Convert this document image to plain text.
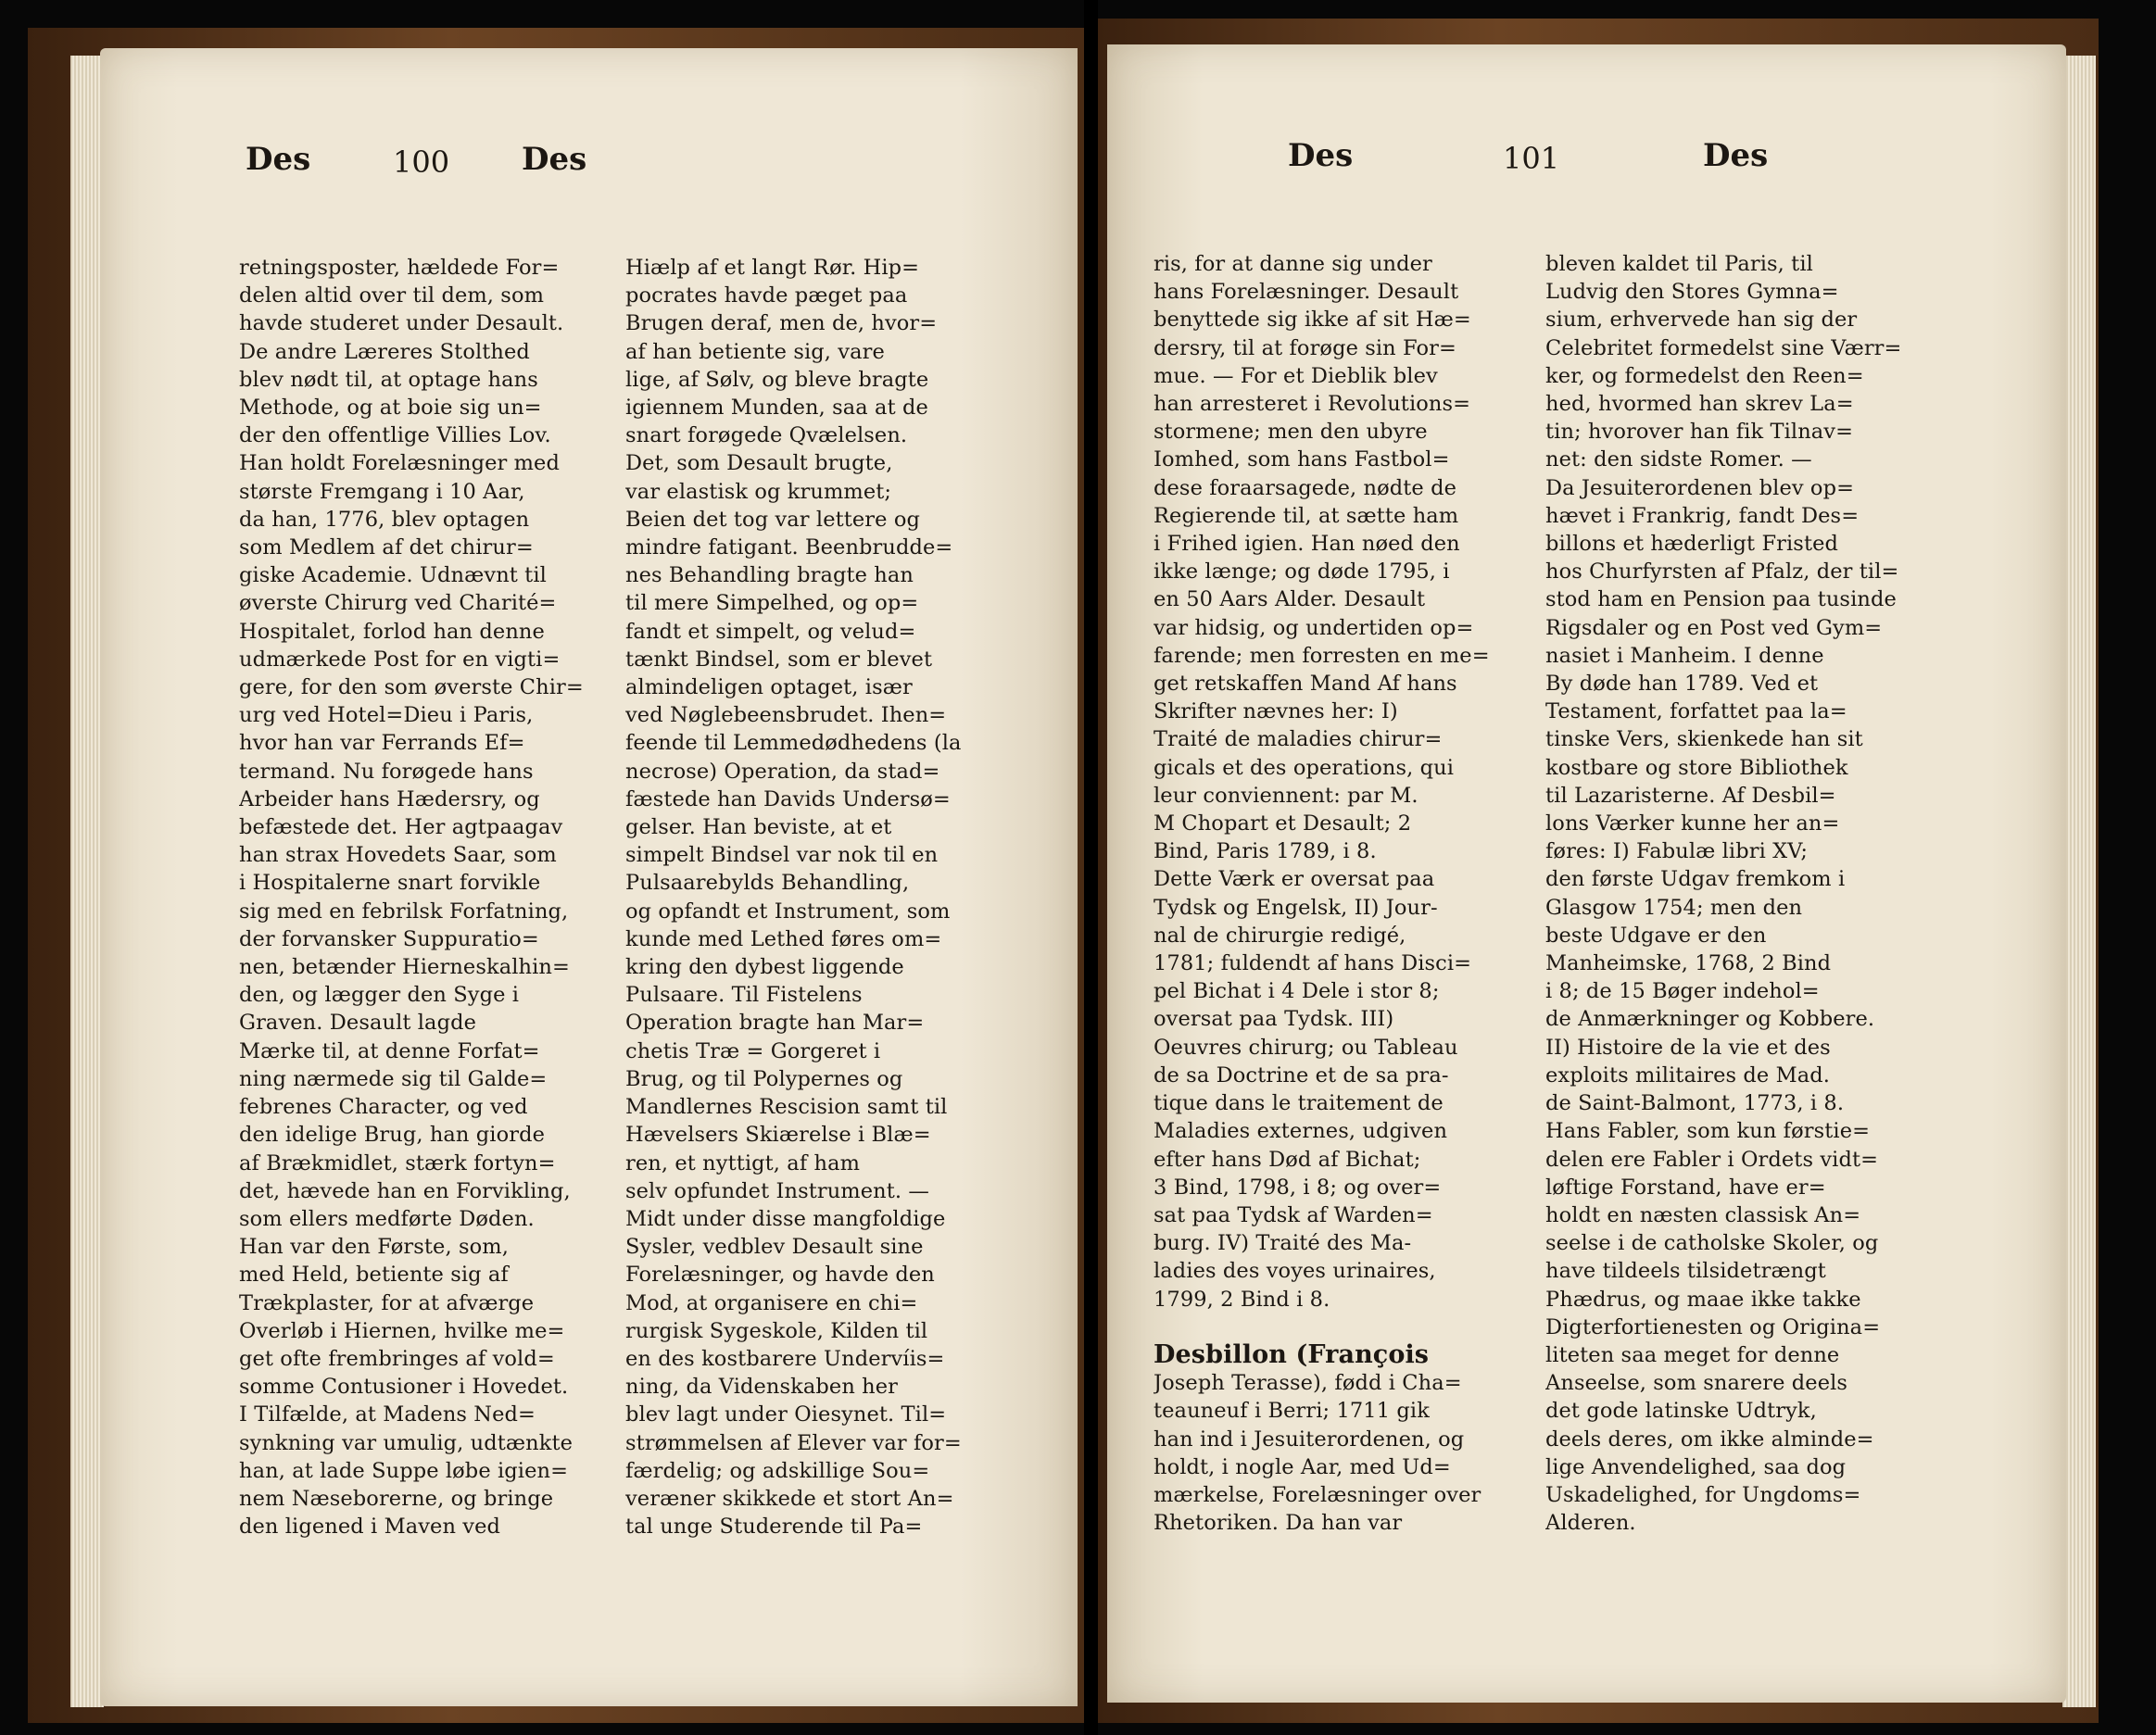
Des	100 Des
retningsposter, hældede For=
delen altid over til dem, som
havde studeret under Desault.
De andre Læreres Stolthed
blev nødt til, at optage hans
Methode, og at boie sig un=
der den offentlige Villies Lov.
Han holdt Forelæsninger med
største Fremgang i 10 Aar,
da han, 1776, blev optagen
som Medlem af det chirur=
giske Academie. Udnævnt til
øverste Chirurg ved Charité=
Hospitalet, forlod han denne
udmærkede Post for en vigti=
gere, for den som øverste Chir=
urg ved Hotel=Dieu i Paris,
hvor han var Ferrands Ef=
termand. Nu forøgede hans
Arbeider hans Hædersry, og
befæstede det. Her agtpaagav
han strax Hovedets Saar, som
i Hospitalerne snart forvikle
sig med en febrilsk Forfatning,
der forvansker Suppuratio=
nen, betænder Hierneskalhin=
den, og lægger den Syge i
Graven. Desault lagde
Mærke til, at denne Forfat=
ning nærmede sig til Galde=
febrenes Character, og ved
den idelige Brug, han giorde
af Brækmidlet, stærk fortyn=
det, hævede han en Forvikling,
som ellers medførte Døden.
Han var den Første, som,
med Held, betiente sig af
Trækplaster, for at afværge
Overløb i Hiernen, hvilke me=
get ofte frembringes af vold=
somme Contusioner i Hovedet.
I Tilfælde, at Madens Ned=
synkning var umulig, udtænkte
han, at lade Suppe løbe igien=
nem Næseborerne, og bringe
den ligened i Maven ved
Hiælp af et langt Rør. Hip=
pocrates havde pæget paa
Brugen deraf, men de, hvor=
af han betiente sig, vare
lige, af Sølv, og bleve bragte
igiennem Munden, saa at de
snart forøgede Qvælelsen.
Det, som Desault brugte,
var elastisk og krummet;
Beien det tog var lettere og
mindre fatigant. Beenbrudde=
nes Behandling bragte han
til mere Simpelhed, og op=
fandt et simpelt, og velud=
tænkt Bindsel, som er blevet
almindeligen optaget, især
ved Nøglebeensbrudet. Ihen=
feende til Lemmedødhedens (la
necrose) Operation, da stad=
fæstede han Davids Undersø=
gelser. Han beviste, at et
simpelt Bindsel var nok til en
Pulsaarebylds Behandling,
og opfandt et Instrument, som
kunde med Lethed føres om=
kring den dybest liggende
Pulsaare. Til Fistelens
Operation bragte han Mar=
chetis Træ = Gorgeret i
Brug, og til Polypernes og
Mandlernes Rescision samt til
Hævelsers Skiærelse i Blæ=
ren, et nyttigt, af ham
selv opfundet Instrument. —
Midt under disse mangfoldige
Sysler, vedblev Desault sine
Forelæsninger, og havde den
Mod, at organisere en chi=
rurgisk Sygeskole, Kilden til
en des kostbarere Undervíis=
ning, da Videnskaben her
blev lagt under Oiesynet. Til=
strømmelsen af Elever var for=
færdelig; og adskillige Sou=
veræner skikkede et stort An=
tal unge Studerende til Pa=
Des	101	Des
ris, for at danne sig under
hans Forelæsninger. Desault
benyttede sig ikke af sit Hæ=
dersry, til at forøge sin For=
mue. — For et Dieblik blev
han arresteret i Revolutions=
stormene; men den ubyre
Iomhed, som hans Fastbol=
dese foraarsagede, nødte de
Regierende til, at sætte ham
i Frihed igien. Han nøed den
ikke længe; og døde 1795, i
en 50 Aars Alder. Desault
var hidsig, og undertiden op=
farende; men forresten en me=
get retskaffen Mand Af hans
Skrifter nævnes her: I)
Traité de maladies chirur=
gicals et des operations, qui
leur conviennent: par M.
M Chopart et Desault; 2
Bind, Paris 1789, i 8.
Dette Værk er oversat paa
Tydsk og Engelsk, II) Jour-
nal de chirurgie redigé,
1781; fuldendt af hans Disci=
pel Bichat i 4 Dele i stor 8;
oversat paa Tydsk. III)
Oeuvres chirurg; ou Tableau
de sa Doctrine et de sa pra-
tique dans le traitement de
Maladies externes, udgiven
efter hans Død af Bichat;
3 Bind, 1798, i 8; og over=
sat paa Tydsk af Warden=
burg. IV) Traité des Ma-
ladies des voyes urinaires,
1799, 2 Bind i 8.

Desbillon (François
Joseph Terasse), fødd i Cha=
teauneuf i Berri; 1711 gik
han ind i Jesuiterordenen, og
holdt, i nogle Aar, med Ud=
mærkelse, Forelæsninger over
Rhetoriken. Da han var
bleven kaldet til Paris, til
Ludvig den Stores Gymna=
sium, erhvervede han sig der
Celebritet formedelst sine Værr=
ker, og formedelst den Reen=
hed, hvormed han skrev La=
tin; hvorover han fik Tilnav=
net: den sidste Romer. —
Da Jesuiterordenen blev op=
hævet i Frankrig, fandt Des=
billons et hæderligt Fristed
hos Churfyrsten af Pfalz, der til=
stod ham en Pension paa tusinde
Rigsdaler og en Post ved Gym=
nasiet i Manheim. I denne
By døde han 1789. Ved et
Testament, forfattet paa la=
tinske Vers, skienkede han sit
kostbare og store Bibliothek
til Lazaristerne. Af Desbil=
lons Værker kunne her an=
føres: I) Fabulæ libri XV;
den første Udgav fremkom i
Glasgow 1754; men den
beste Udgave er den
Manheimske, 1768, 2 Bind
i 8; de 15 Bøger indehol=
de Anmærkninger og Kobbere.
II) Histoire de la vie et des
exploits militaires de Mad.
de Saint-Balmont, 1773, i 8.
Hans Fabler, som kun førstie=
delen ere Fabler i Ordets vidt=
løftige Forstand, have er=
holdt en næsten classisk An=
seelse i de catholske Skoler, og
have tildeels tilsidetrængt
Phædrus, og maae ikke takke
Digterfortienesten og Origina=
liteten saa meget for denne
Anseelse, som snarere deels
det gode latinske Udtryk,
deels deres, om ikke alminde=
lige Anvendelighed, saa dog
Uskadelighed, for Ungdoms=
Alderen.
